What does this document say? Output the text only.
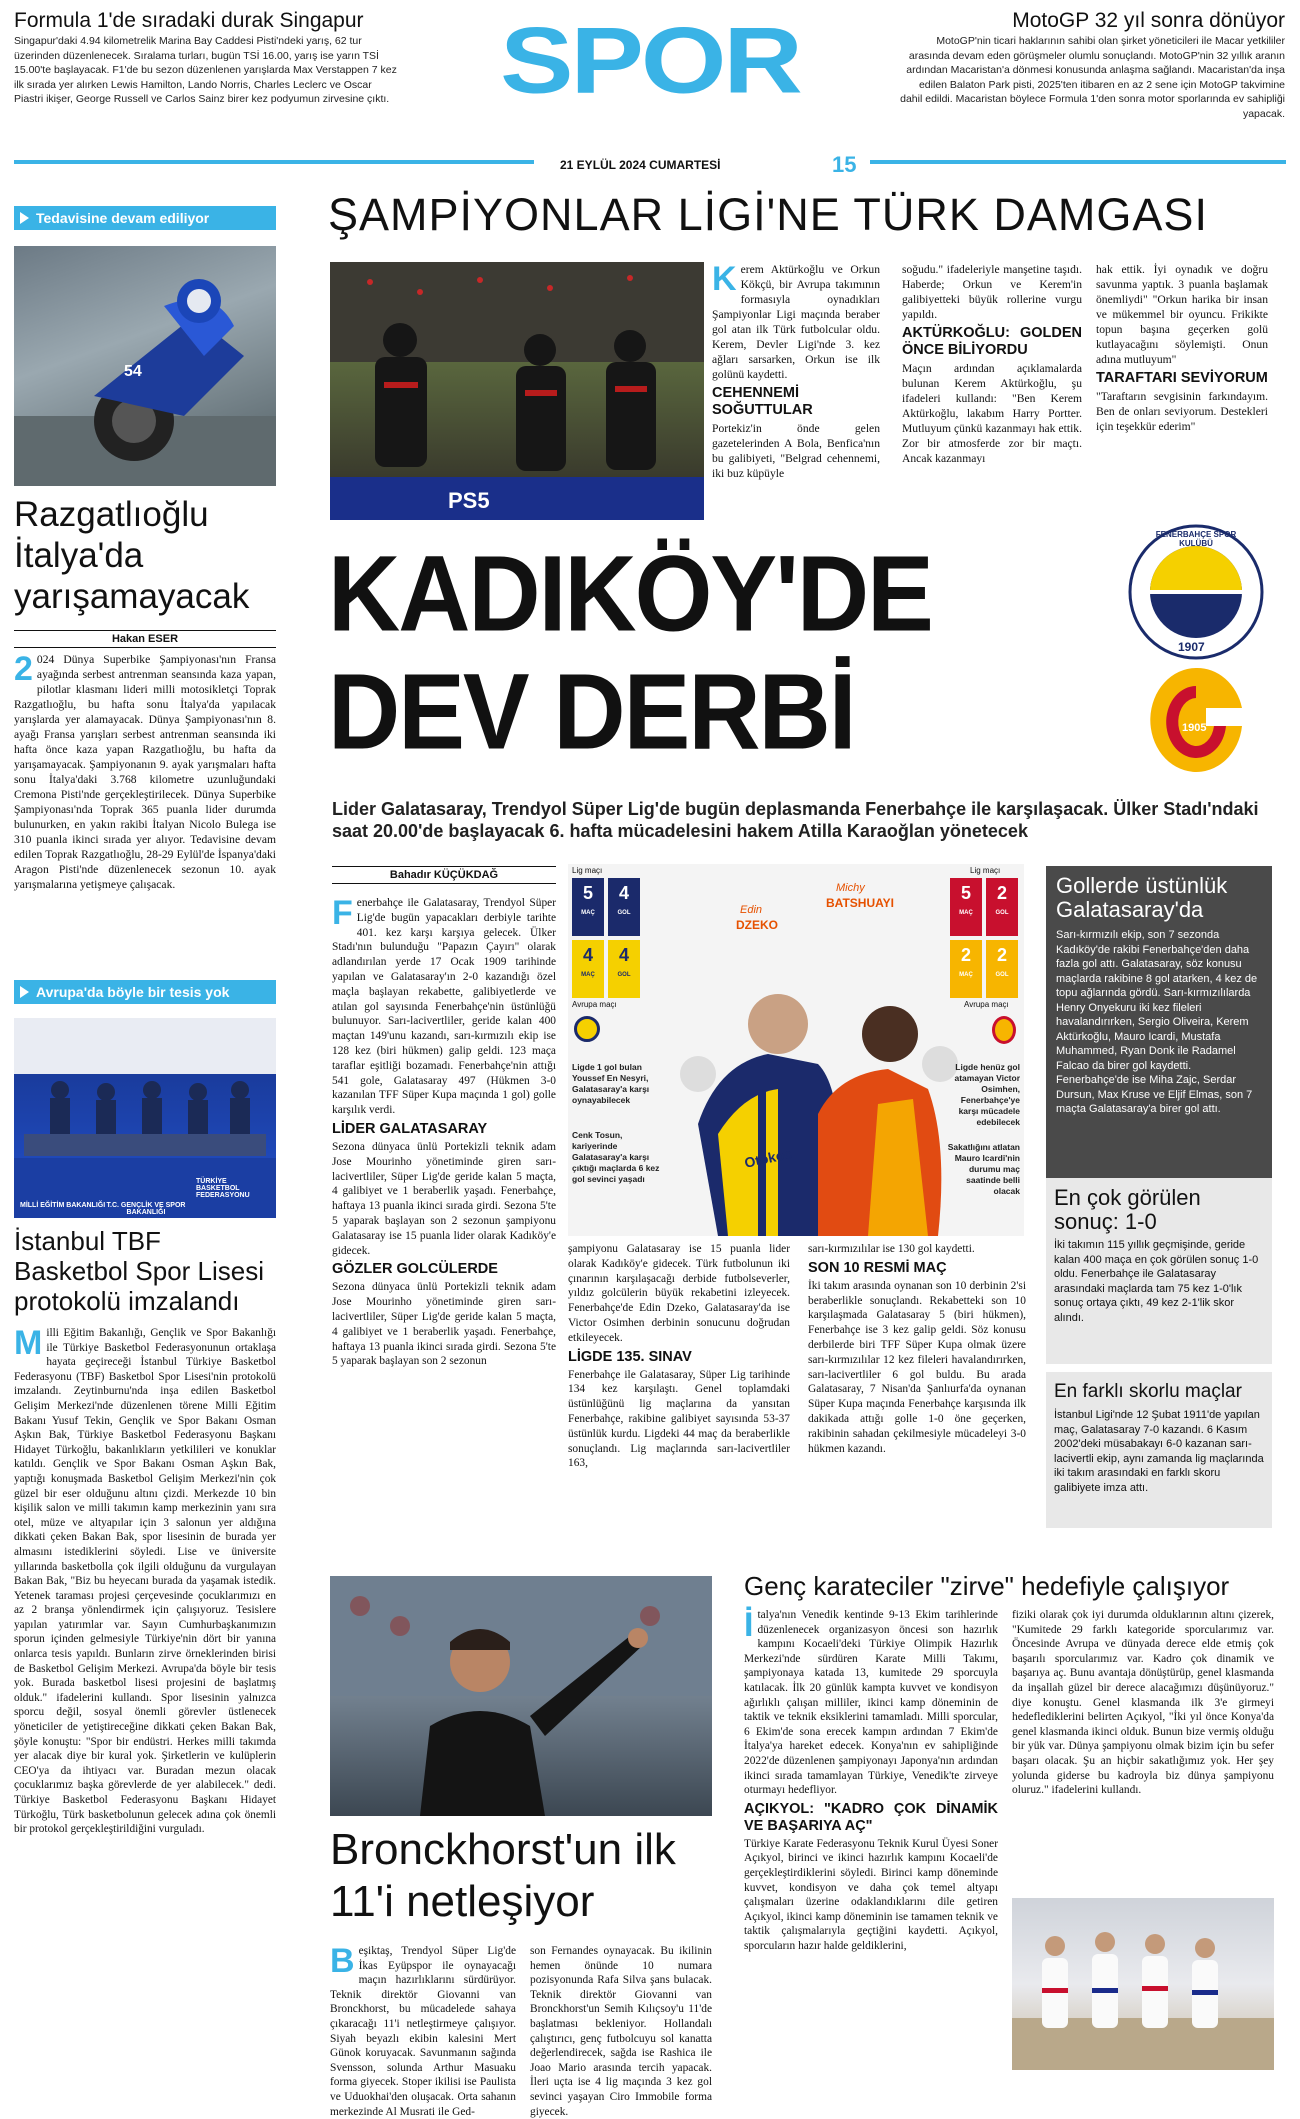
Formula 1'de sıradaki durak Singapur

Singapur'daki 4.94 kilometrelik Marina Bay Caddesi Pisti'ndeki yarış, 62 tur üzerinden düzenlenecek. Sıralama turları, bugün TSİ 16.00, yarış ise yarın TSİ 15.00'te başlayacak. F1'de bu sezon düzenlenen yarışlarda Max Verstappen 7 kez ilk sırada yer alırken Lewis Hamilton, Lando Norris, Charles Leclerc ve Oscar Piastri ikişer, George Russell ve Carlos Sainz birer kez podyumun zirvesine çıktı.	SPOR	MotoGP 32 yıl sonra dönüyor

MotoGP'nin ticari haklarının sahibi olan şirket yöneticileri ile Macar yetkililer arasında devam eden görüşmeler olumlu sonuçlandı. MotoGP'nin 32 yıllık aranın ardından Macaristan'a dönmesi konusunda anlaşma sağlandı. Macaristan'da inşa edilen Balaton Park pisti, 2025'ten itibaren en az 2 sene için MotoGP takvimine dahil edildi. Macaristan böylece Formula 1'den sonra motor sporlarında ev sahipliği yapacak.

21 EYLÜL 2024 CUMARTESİ	15
Tedavisine devam ediliyor
54
Razgatlıoğlu İtalya'da yarışamayacak
Hakan ESER
2 024 Dünya Superbike Şampiyonası'nın Fransa ayağında serbest antrenman seansında kaza yapan, pilotlar klasmanı lideri milli motosikletçi Toprak Razgatlıoğlu, bu hafta sonu İtalya'da yapılacak yarışlarda yer alamayacak. Dünya Şampiyonası'nın 8. ayağı Fransa yarışları serbest antrenman seansında iki hafta önce kaza yapan Razgatlıoğlu, bu hafta da yarışamayacak. Şampiyonanın 9. ayak yarışmaları hafta sonu İtalya'daki 3.768 kilometre uzunluğundaki Cremona Pisti'nde gerçekleştirilecek. Dünya Superbike Şampiyonası'nda Toprak 365 puanla lider durumda bulunurken, en yakın rakibi İtalyan Nicolo Bulega ise 310 puanla ikinci sırada yer alıyor. Tedavisine devam edilen Toprak Razgatlıoğlu, 28-29 Eylül'de İspanya'daki Aragon Pisti'nde düzenlenecek sezonun 10. ayak yarışmalarına yetişmeye çalışacak.
Avrupa'da böyle bir tesis yok
MİLLİ EĞİTİM BAKANLIĞI T.C. GENÇLİK VE SPOR BAKANLIĞI
TÜRKİYE BASKETBOL FEDERASYONU
İstanbul TBF Basketbol Spor Lisesi protokolü imzalandı
Milli Eğitim Bakanlığı, Gençlik ve Spor Bakanlığı ile Türkiye Basketbol Federasyonunun ortaklaşa hayata geçireceği İstanbul Türkiye Basketbol Federasyonu (TBF) Basketbol Spor Lisesi'nin protokolü imzalandı. Zeytinburnu'nda inşa edilen Basketbol Gelişim Merkezi'nde düzenlenen törene Milli Eğitim Bakanı Yusuf Tekin, Gençlik ve Spor Bakanı Osman Aşkın Bak, Türkiye Basketbol Federasyonu Başkanı Hidayet Türkoğlu, bakanlıkların yetkilileri ve konuklar katıldı. Gençlik ve Spor Bakanı Osman Aşkın Bak, yaptığı konuşmada Basketbol Gelişim Merkezi'nin çok güzel bir eser olduğunu altını çizdi. Merkezde 10 bin kişilik salon ve milli takımın kamp merkezinin yanı sıra otel, müze ve altyapılar için 3 salonun yer aldığına dikkati çeken Bakan Bak, spor lisesinin de burada yer almasını istediklerini söyledi. Lise ve üniversite yıllarında basketbolla çok ilgili olduğunu da vurgulayan Bakan Bak, "Biz bu heyecanı burada da yaşamak istedik. Yetenek taraması projesi çerçevesinde çocuklarımızı en az 2 branşa yönlendirmek için çalışıyoruz. Tesislere yapılan yatırımlar var. Sayın Cumhurbaşkanımızın sporun içinden gelmesiyle Türkiye'nin dört bir yanına onlarca tesis yapıldı. Bunların zirve örneklerinden birisi de Basketbol Gelişim Merkezi. Avrupa'da böyle bir tesis yok. Burada basketbol lisesi projesini de başlatmış olduk." ifadelerini kullandı. Spor lisesinin yalnızca sporcu değil, sosyal önemli görevler üstlenecek yöneticiler de yetiştireceğine dikkati çeken Bakan Bak, şöyle konuştu: "Spor bir endüstri. Herkes milli takımda yer alacak diye bir kural yok. Şirketlerin ve kulüplerin CEO'ya da ihtiyacı var. Buradan mezun olacak çocuklarımız başka görevlerde de yer alabilecek." dedi. Türkiye Basketbol Federasyonu Başkanı Hidayet Türkoğlu, Türk basketbolunun gelecek adına çok önemli bir protokol gerçekleştirildiğini vurguladı.
ŞAMPİYONLAR LİGİ'NE TÜRK DAMGASI
PS5
Kerem Aktürkoğlu ve Orkun Kökçü, bir Avrupa takımının formasıyla oynadıkları Şampiyonlar Ligi maçında beraber gol atan ilk Türk futbolcular oldu. Kerem, Devler Ligi'nde 3. kez ağları sarsarken, Orkun ise ilk golünü kaydetti.
CEHENNEMİ SOĞUTTULAR

Portekiz'in önde gelen gazetelerinden A Bola, Benfica'nın bu galibiyeti, "Belgrad cehennemi, iki buz küpüyle

soğudu." ifadeleriyle manşetine taşıdı. Haberde; Orkun ve Kerem'in galibiyetteki büyük rollerine vurgu yapıldı.

AKTÜRKOĞLU: GOLDEN ÖNCE BİLİYORDU

Maçın ardından açıklamalarda bulunan Kerem Aktürkoğlu, şu ifadeleri kullandı: "Ben Kerem Aktürkoğlu, lakabım Harry Portter. Mutluyum çünkü kazanmayı hak ettik. Zor bir atmosferde zor bir maçtı. Ancak kazanmayı

hak ettik. İyi oynadık ve doğru savunma yaptık. 3 puanla başlamak önemliydi" "Orkun harika bir insan ve mükemmel bir oyuncu. Frikikte topun başına geçerken golü kutlayacağını söylemişti. Onun adına mutluyum"

TARAFTARI SEVİYORUM

"Taraftarın sevgisinin farkındayım. Ben de onları seviyorum. Destekleri için teşekkür ederim"

KADIKÖY'DE
DEV DERBİ
FENERBAHÇE SPOR KULÜBÜ
1907
1905
Lider Galatasaray, Trendyol Süper Lig'de bugün deplasmanda Fenerbahçe ile karşılaşacak. Ülker Stadı'ndaki saat 20.00'de başlayacak 6. hafta mücadelesini hakem Atilla Karaoğlan yönetecek
Bahadır KÜÇÜKDAĞ
Fenerbahçe ile Galatasaray, Trendyol Süper Lig'de bugün yapacakları derbiyle tarihte 401. kez karşı karşıya gelecek. Ülker Stadı'nın bulunduğu "Papazın Çayırı" olarak adlandırılan yerde 17 Ocak 1909 tarihinde yapılan ve Galatasaray'ın 2-0 kazandığı özel maçla başlayan rekabette, galibiyetlerde ve atılan gol sayısında Fenerbahçe'nin üstünlüğü bulunuyor. Sarı-lacivertliler, geride kalan 400 maçtan 149'unu kazandı, sarı-kırmızılı ekip ise 128 kez (biri hükmen) galip geldi. 123 maça taraflar eşitliği bozamadı. Fenerbahçe'nin attığı 541 gole, Galatasaray 497 (Hükmen 3-0 kazanılan TFF Süper Kupa maçında 1 gol) golle karşılık verdi.
LİDER GALATASARAY

Sezona dünyaca ünlü Portekizli teknik adam Jose Mourinho yönetiminde giren sarı-lacivertliler, Süper Lig'de geride kalan 5 maçta, 4 galibiyet ve 1 beraberlik yaşadı. Fenerbahçe, haftaya 13 puanla ikinci sırada girdi. Sezona 5'te 5 yaparak başlayan son 2 sezonun şampiyonu Galatasaray ise 15 puanla lider olarak Kadıköy'e gidecek.

GÖZLER GOLCÜLERDE

Sezona dünyaca ünlü Portekizli teknik adam Jose Mourinho yönetiminde giren sarı-lacivertliler, Süper Lig'de geride kalan 5 maçta, 4 galibiyet ve 1 beraberlik yaşadı. Fenerbahçe, haftaya 13 puanla ikinci sırada girdi. Sezona 5'te 5 yaparak başlayan son 2 sezonun

Lig maçı
5
MAÇ
4
GOL
4
MAÇ
4
GOL
Avrupa maçı
Edin
DZEKO
Ligde 1 gol bulan Youssef En Nesyri, Galatasaray'a karşı oynayabilecek
Cenk Tosun, kariyerinde Galatasaray'a karşı çıktığı maçlarda 6 kez gol sevinci yaşadı
Otokoc
Lig maçı
Michy
BATSHUAYI	5
MAÇ
2
GOL
2
MAÇ
2
GOL
Avrupa maçı
Ligde henüz gol atamayan Victor Osimhen, Fenerbahçe'ye karşı mücadele edebilecek
Sakatlığını atlatan Mauro Icardi'nin durumu maç saatinde belli olacak

şampiyonu Galatasaray ise 15 puanla lider olarak Kadıköy'e gidecek. Türk futbolunun iki çınarının karşılaşacağı derbide futbolseverler, yıldız golcülerin büyük rekabetini izleyecek. Fenerbahçe'de Edin Dzeko, Galatasaray'da ise Victor Osimhen derbinin sonucunu doğrudan etkileyecek.

LİGDE 135. SINAV

Fenerbahçe ile Galatasaray, Süper Lig tarihinde 134 kez karşılaştı. Genel toplamdaki üstünlüğünü lig maçlarına da yansıtan Fenerbahçe, rakibine galibiyet sayısında 53-37 üstünlük kurdu. Ligdeki 44 maç da beraberlikle sonuçlandı. Lig maçlarında sarı-lacivertliler 163,

sarı-kırmızılılar ise 130 gol kaydetti.

SON 10 RESMİ MAÇ

İki takım arasında oynanan son 10 derbinin 2'si beraberlikle sonuçlandı. Rekabetteki son 10 karşılaşmada Galatasaray 5 (biri hükmen), Fenerbahçe ise 3 kez galip geldi. Söz konusu derbilerde biri TFF Süper Kupa olmak üzere sarı-kırmızılılar 12 kez fileleri havalandırırken, sarı-lacivertliler 6 gol buldu. Bu arada Galatasaray, 7 Nisan'da Şanlıurfa'da oynanan Süper Kupa maçında Fenerbahçe karşısında ilk dakikada attığı golle 1-0 öne geçerken, rakibinin sahadan çekilmesiyle mücadeleyi 3-0 hükmen kazandı.

Gollerde üstünlük Galatasaray'da

Sarı-kırmızılı ekip, son 7 sezonda Kadıköy'de rakibi Fenerbahçe'den daha fazla gol attı. Galatasaray, söz konusu maçlarda rakibine 8 gol atarken, 4 kez de topu ağlarında gördü. Sarı-kırmızılılarda Henry Onyekuru iki kez fileleri havalandırırken, Sergio Oliveira, Kerem Aktürkoğlu, Mauro Icardi, Mustafa Muhammed, Ryan Donk ile Radamel Falcao da birer gol kaydetti. Fenerbahçe'de ise Miha Zajc, Serdar Dursun, Max Kruse ve Eljif Elmas, son 7 maçta Galatasaray'a birer gol attı.

En çok görülen sonuç: 1-0

İki takımın 115 yıllık geçmişinde, geride kalan 400 maça en çok görülen sonuç 1-0 oldu. Fenerbahçe ile Galatasaray arasındaki maçlarda tam 75 kez 1-0'lık sonuç ortaya çıktı, 49 kez 2-1'lik skor alındı.

En farklı skorlu maçlar

İstanbul Ligi'nde 12 Şubat 1911'de yapılan maç, Galatasaray 7-0 kazandı. 6 Kasım 2002'deki müsabakayı 6-0 kazanan sarı-lacivertli ekip, aynı zamanda lig maçlarında iki takım arasındaki en farklı skoru galibiyete imza attı.

Bronckhorst'un ilk 11'i netleşiyor
Beşiktaş, Trendyol Süper Lig'de İkas Eyüpspor ile oynayacağı maçın hazırlıklarını sürdürüyor. Teknik direktör Giovanni van Bronckhorst, bu mücadelede sahaya çıkaracağı 11'i netleştirmeye çalışıyor. Siyah beyazlı ekibin kalesini Mert Günok koruyacak. Savunmanın sağında Svensson, solunda Arthur Masuaku forma giyecek. Stoper ikilisi ise Paulista ve Uduokhai'den oluşacak. Orta sahanın merkezinde Al Musrati ile Ged-

son Fernandes oynayacak. Bu ikilinin hemen önünde 10 numara pozisyonunda Rafa Silva şans bulacak. Teknik direktör Giovanni van Bronckhorst'un Semih Kılıçsoy'u 11'de başlatması bekleniyor. Hollandalı çalıştırıcı, genç futbolcuyu sol kanatta değerlendirecek, sağda ise Rashica ile Joao Mario arasında tercih yapacak. İleri uçta ise 4 lig maçında 3 kez gol sevinci yaşayan Ciro Immobile forma giyecek.

Genç karateciler "zirve" hedefiyle çalışıyor
İtalya'nın Venedik kentinde 9-13 Ekim tarihlerinde düzenlenecek organizasyon öncesi son hazırlık kampını Kocaeli'deki Türkiye Olimpik Hazırlık Merkezi'nde sürdüren Karate Milli Takımı, şampiyonaya katada 13, kumitede 29 sporcuyla katılacak. İlk 20 günlük kampta kuvvet ve kondisyon ağırlıklı çalışan milliler, ikinci kamp döneminin de taktik ve teknik eksiklerini tamamladı. Milli sporcular, 6 Ekim'de sona erecek kampın ardından 7 Ekim'de İtalya'ya hareket edecek. Konya'nın ev sahipliğinde 2022'de düzenlenen şampiyonayı Japonya'nın ardından ikinci sırada tamamlayan Türkiye, Venedik'te zirveye oturmayı hedefliyor.
AÇIKYOL: "KADRO ÇOK DİNAMİK VE BAŞARIYA AÇ"

Türkiye Karate Federasyonu Teknik Kurul Üyesi Soner Açıkyol, birinci ve ikinci hazırlık kampını Kocaeli'de gerçekleştirdiklerini söyledi. Birinci kamp döneminde kuvvet, kondisyon ve daha çok temel altyapı çalışmaları üzerine odaklandıklarını dile getiren Açıkyol, ikinci kamp döneminin ise tamamen teknik ve taktik çalışmalarıyla geçtiğini kaydetti. Açıkyol, sporcuların hazır halde geldiklerini,

fiziki olarak çok iyi durumda olduklarının altını çizerek, "Kumitede 29 farklı kategoride sporcularımız var. Öncesinde Avrupa ve dünyada derece elde etmiş çok başarılı sporcularımız var. Kadro çok dinamik ve başarıya aç. Bunu avantaja dönüştürüp, genel klasmanda da inşallah güzel bir derece alacağımızı düşünüyoruz." diye konuştu. Genel klasmanda ilk 3'e girmeyi hedeflediklerini belirten Açıkyol, "İki yıl önce Konya'da genel klasmanda ikinci olduk. Bunun bize vermiş olduğu bir yük var. Dünya şampiyonu olmak bizim için bu sefer başarı olacak. Şu an hiçbir sakatlığımız yok. Her şey yolunda giderse bu kadroyla biz dünya şampiyonu oluruz." ifadelerini kullandı.
